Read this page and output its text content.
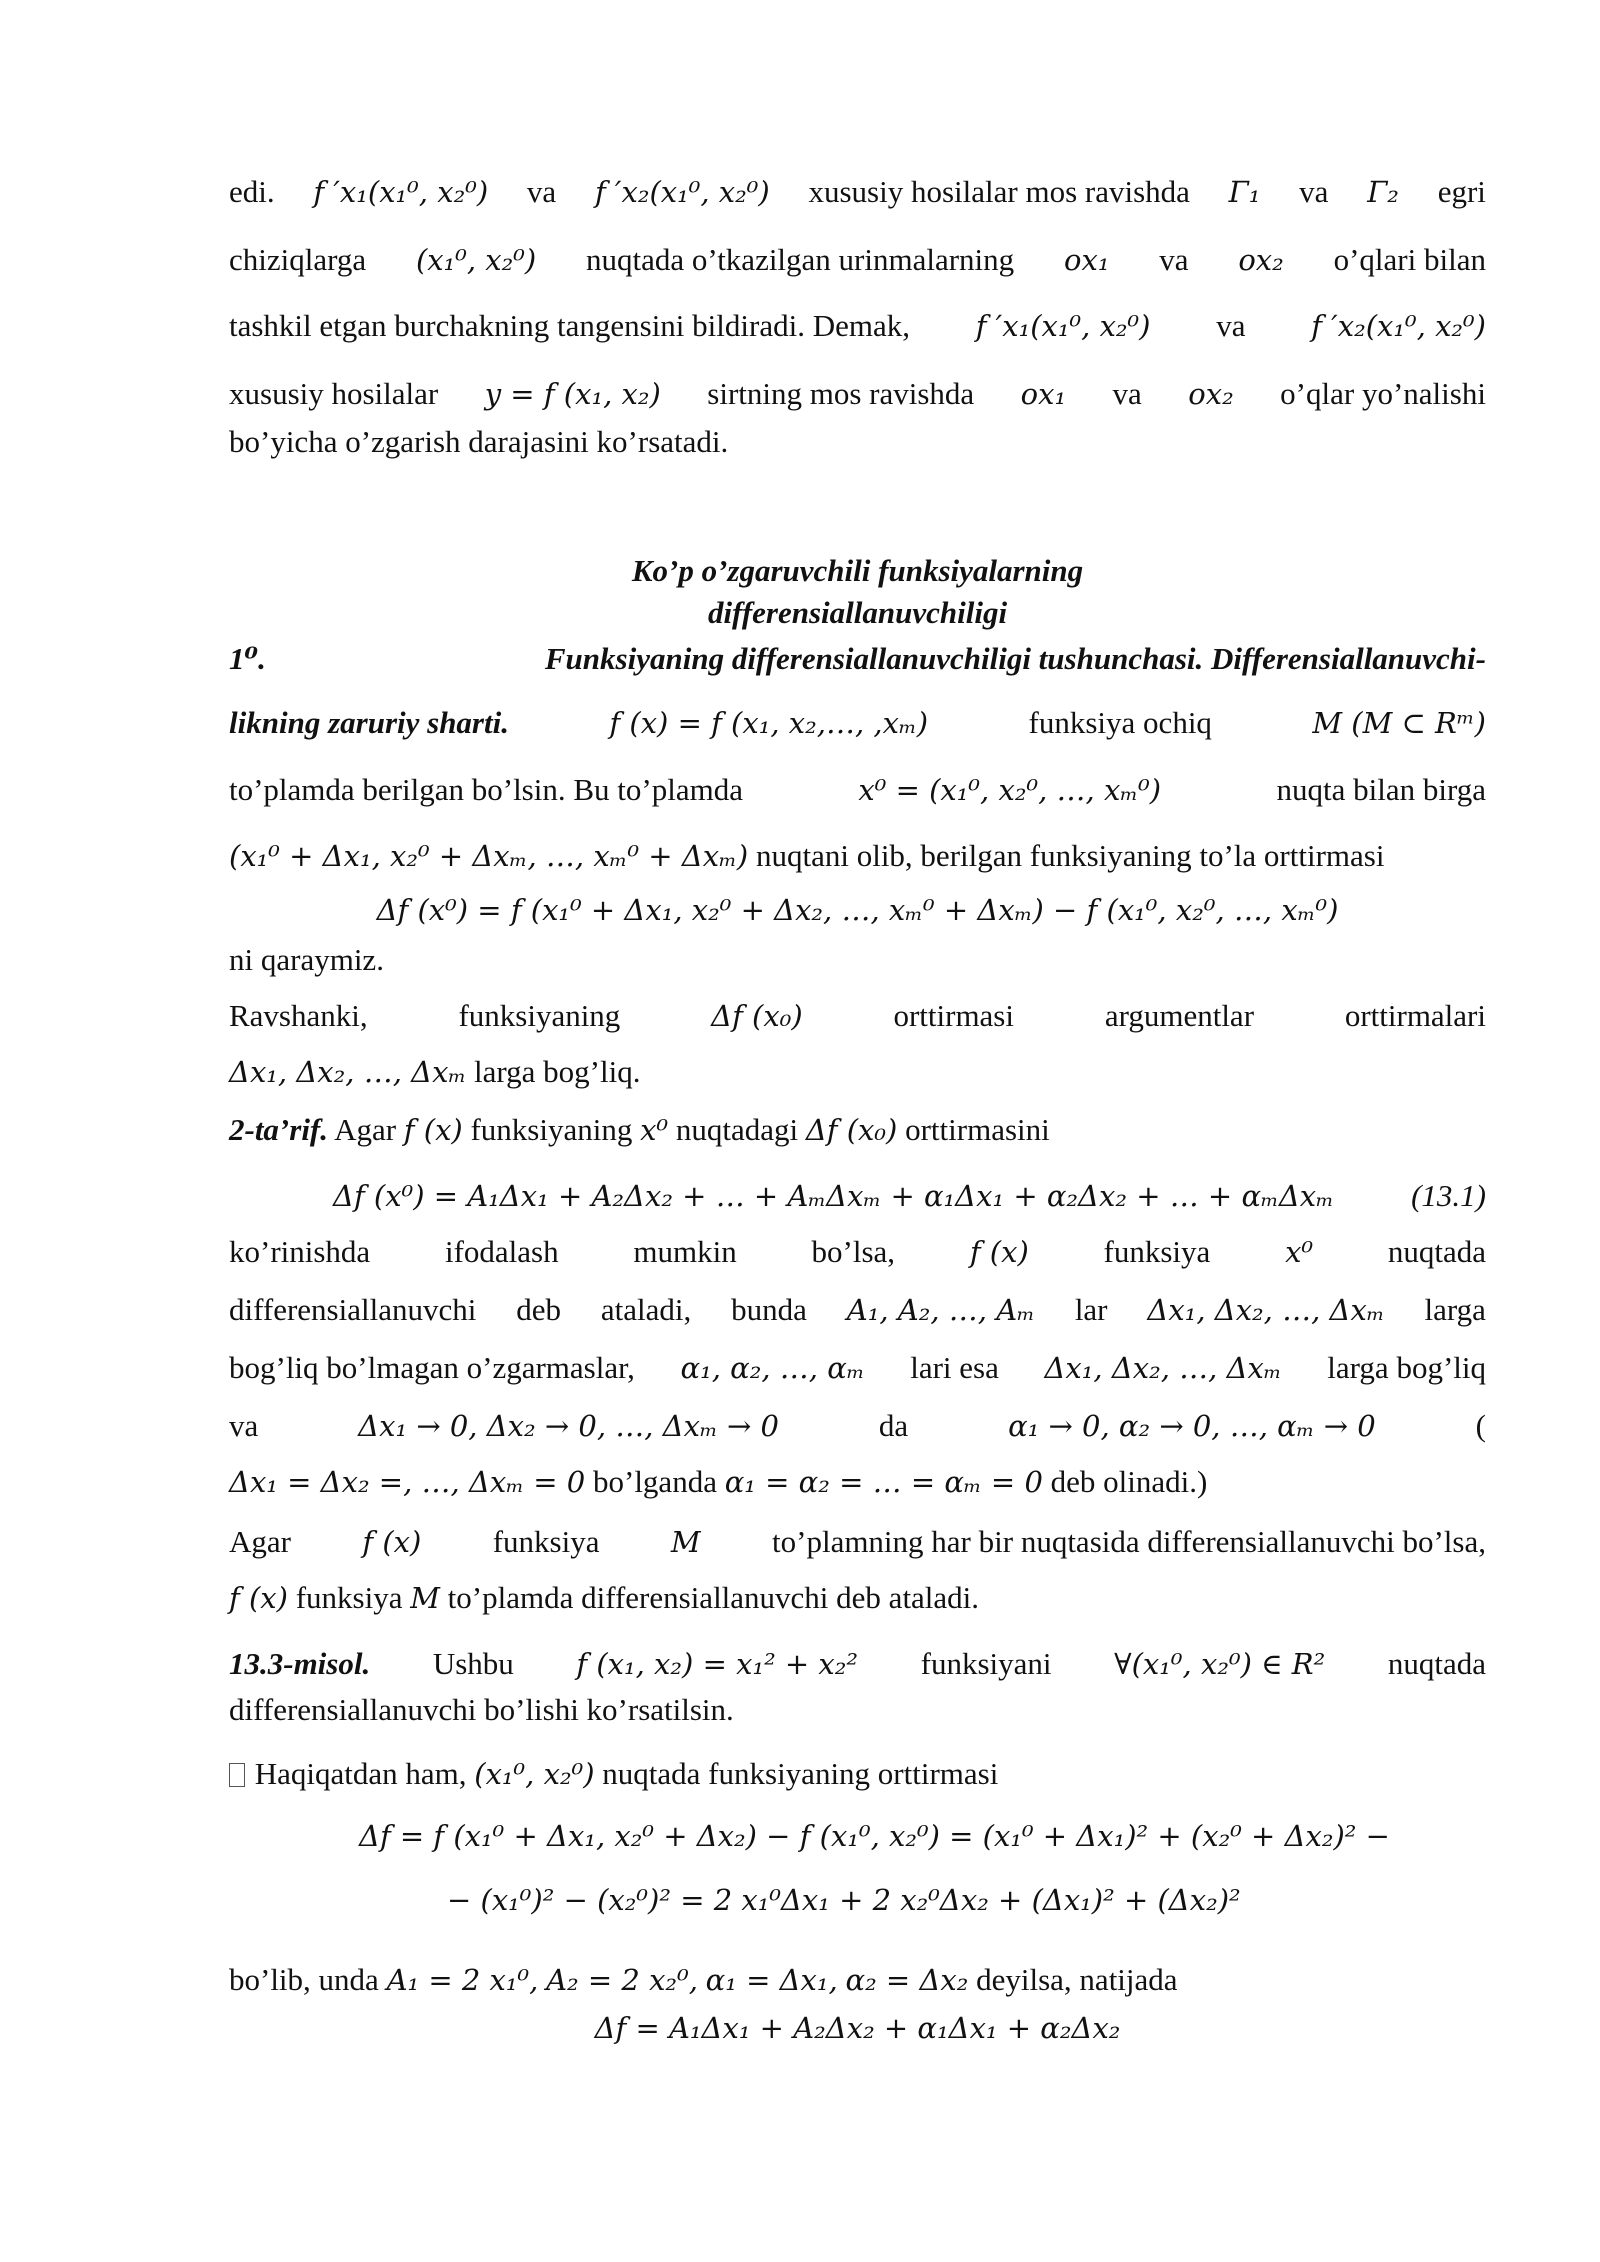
edi. f ′x₁(x₁⁰, x₂⁰) va f ′x₂(x₁⁰, x₂⁰) xususiy hosilalar mos ravishda Γ₁ va Γ₂ egri
chiziqlarga (x₁⁰, x₂⁰) nuqtada o’tkazilgan urinmalarning ox₁ va ox₂ o’qlari bilan
tashkil etgan burchakning tangensini bildiradi. Demak, f ′x₁(x₁⁰, x₂⁰) va f ′x₂(x₁⁰, x₂⁰)
xususiy hosilalar y = f (x₁, x₂) sirtning mos ravishda ox₁ va ox₂ o’qlar yo’nalishi
bo’yicha o’zgarish darajasini ko’rsatadi.
Ko’p o’zgaruvchili funksiyalarning
differensiallanuvchiligi
1⁰.	Funksiyaning differensiallanuvchiligi tushunchasi. Differensiallanuvchi-
likning zaruriy sharti.	f (x) = f (x₁, x₂,…, ,xₘ)	funksiya ochiq	M (M ⊂ Rᵐ)
to’plamda berilgan bo’lsin. Bu to’plamda	x⁰ = (x₁⁰, x₂⁰, …, xₘ⁰)	nuqta bilan birga
(x₁⁰ + Δx₁, x₂⁰ + Δxₘ, …, xₘ⁰ + Δxₘ) nuqtani olib, berilgan funksiyaning to’la orttirmasi
Δf (x⁰) = f (x₁⁰ + Δx₁, x₂⁰ + Δx₂, …, xₘ⁰ + Δxₘ) − f (x₁⁰, x₂⁰, …, xₘ⁰)
ni qaraymiz.
Ravshanki,	funksiyaning	Δf (x₀)	orttirmasi	argumentlar	orttirmalari
Δx₁, Δx₂, …, Δxₘ larga bog’liq.
2-ta’rif. Agar f (x) funksiyaning x⁰ nuqtadagi Δf (x₀) orttirmasini
Δf (x⁰) = A₁Δx₁ + A₂Δx₂ + … + AₘΔxₘ + α₁Δx₁ + α₂Δx₂ + … + αₘΔxₘ (13.1)
ko’rinishda ifodalash mumkin bo’lsa,	f (x) funksiya	x⁰ nuqtada
differensiallanuvchi deb ataladi, bunda A₁, A₂, …, Aₘ lar Δx₁, Δx₂, …, Δxₘ larga
bog’liq bo’lmagan o’zgarmaslar, α₁, α₂, …, αₘ lari esa Δx₁, Δx₂, …, Δxₘ larga bog’liq
va	Δx₁ → 0, Δx₂ → 0, …, Δxₘ → 0	da	α₁ → 0, α₂ → 0, …, αₘ → 0	(
Δx₁ = Δx₂ =, …, Δxₘ = 0 bo’lganda α₁ = α₂ = … = αₘ = 0 deb olinadi.)
Agar f (x) funksiya M to’plamning har bir nuqtasida differensiallanuvchi bo’lsa,
f (x) funksiya M to’plamda differensiallanuvchi deb ataladi.
13.3-misol. Ushbu f (x₁, x₂) = x₁² + x₂² funksiyani ∀(x₁⁰, x₂⁰) ∈ R² nuqtada
differensiallanuvchi bo’lishi ko’rsatilsin.
Haqiqatdan ham, (x₁⁰, x₂⁰) nuqtada funksiyaning orttirmasi
Δf = f (x₁⁰ + Δx₁, x₂⁰ + Δx₂) − f (x₁⁰, x₂⁰) = (x₁⁰ + Δx₁)² + (x₂⁰ + Δx₂)² −
− (x₁⁰)² − (x₂⁰)² = 2 x₁⁰Δx₁ + 2 x₂⁰Δx₂ + (Δx₁)² + (Δx₂)²
bo’lib, unda A₁ = 2 x₁⁰, A₂ = 2 x₂⁰, α₁ = Δx₁, α₂ = Δx₂ deyilsa, natijada
Δf = A₁Δx₁ + A₂Δx₂ + α₁Δx₁ + α₂Δx₂
